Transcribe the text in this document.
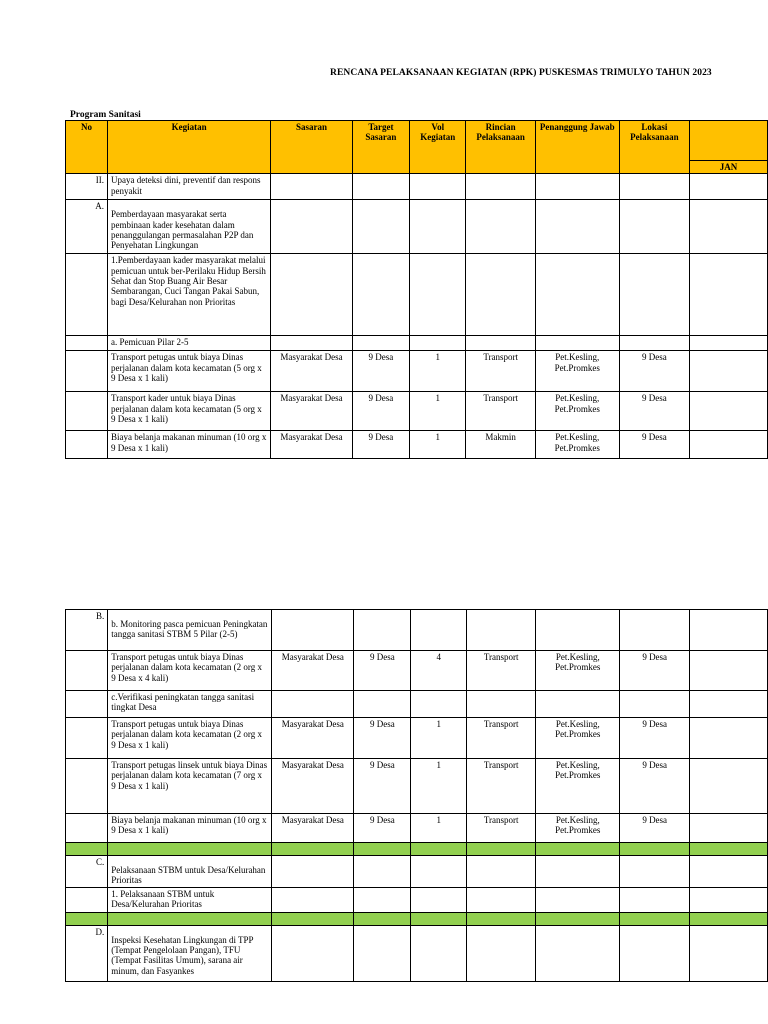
RENCANA PELAKSANAAN KEGIATAN (RPK) PUSKESMAS TRIMULYO TAHUN 2023
Program Sanitasi
No	Kegiatan	Sasaran	Target Sasaran	Vol Kegiatan	Rincian Pelaksanaan	Penanggung Jawab	Lokasi Pelaksanaan	
								JAN
II.	Upaya deteksi dini, preventif dan respons penyakit							
A.	Pemberdayaan masyarakat serta pembinaan kader kesehatan dalam penanggulangan permasalahan P2P dan Penyehatan Lingkungan							

	1.Pemberdayaan kader masyarakat melalui pemicuan untuk ber-Perilaku Hidup Bersih Sehat dan Stop Buang Air Besar Sembarangan, Cuci Tangan Pakai Sabun, bagi Desa/Kelurahan non Prioritas							
	a. Pemicuan Pilar 2-5							
	Transport petugas untuk biaya Dinas perjalanan dalam kota kecamatan (5 org x 9 Desa x 1 kali)	Masyarakat Desa	9 Desa	1	Transport	Pet.Kesling, Pet.Promkes	9 Desa	
	Transport kader untuk biaya Dinas perjalanan dalam kota kecamatan (5 org x 9 Desa x 1 kali)	Masyarakat Desa	9 Desa	1	Transport	Pet.Kesling, Pet.Promkes	9 Desa	
	Biaya belanja makanan minuman (10 org x 9 Desa x 1 kali)	Masyarakat Desa	9 Desa	1	Makmin	Pet.Kesling, Pet.Promkes	9 Desa	
B.	b. Monitoring pasca pemicuan Peningkatan tangga sanitasi STBM 5 Pilar (2-5)							

	Transport petugas untuk biaya Dinas perjalanan dalam kota kecamatan (2 org x 9 Desa x 4 kali)	Masyarakat Desa	9 Desa	4	Transport	Pet.Kesling, Pet.Promkes	9 Desa	
	c.Verifikasi peningkatan tangga sanitasi tingkat Desa							
	Transport petugas untuk biaya Dinas perjalanan dalam kota kecamatan (2 org x 9 Desa x 1 kali)	Masyarakat Desa	9 Desa	1	Transport	Pet.Kesling, Pet.Promkes	9 Desa	
	Transport petugas linsek untuk biaya Dinas perjalanan dalam kota kecamatan (7 org x 9 Desa x 1 kali)	Masyarakat Desa	9 Desa	1	Transport	Pet.Kesling, Pet.Promkes	9 Desa	
	Biaya belanja makanan minuman (10 org x 9 Desa x 1 kali)	Masyarakat Desa	9 Desa	1	Transport	Pet.Kesling, Pet.Promkes	9 Desa	

C.	Pelaksanaan STBM untuk Desa/Kelurahan Prioritas							

	1. Pelaksanaan STBM untuk Desa/Kelurahan Prioritas							

D.	Inspeksi Kesehatan Lingkungan di TPP (Tempat Pengelolaan Pangan), TFU (Tempat Fasilitas Umum), sarana air minum, dan Fasyankes							
